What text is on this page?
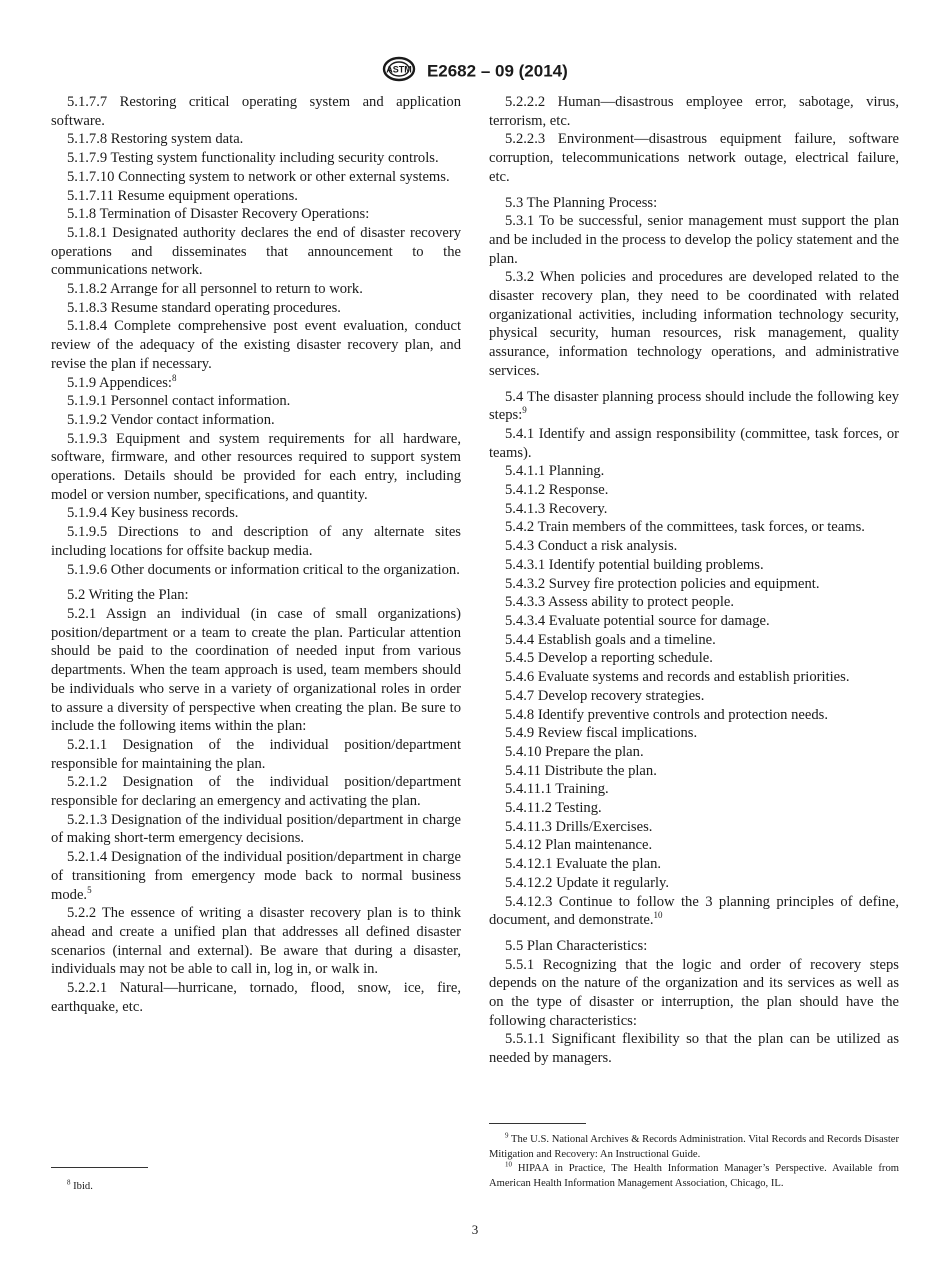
ASTM E2682 – 09 (2014)

5.1.7.7 Restoring critical operating system and application software.

5.1.7.8 Restoring system data.

5.1.7.9 Testing system functionality including security controls.

5.1.7.10 Connecting system to network or other external systems.

5.1.7.11 Resume equipment operations.

5.1.8 Termination of Disaster Recovery Operations:

5.1.8.1 Designated authority declares the end of disaster recovery operations and disseminates that announcement to the communications network.

5.1.8.2 Arrange for all personnel to return to work.

5.1.8.3 Resume standard operating procedures.

5.1.8.4 Complete comprehensive post event evaluation, conduct review of the adequacy of the existing disaster recovery plan, and revise the plan if necessary.

5.1.9 Appendices:$^8$

5.1.9.1 Personnel contact information.

5.1.9.2 Vendor contact information.

5.1.9.3 Equipment and system requirements for all hardware, software, firmware, and other resources required to support system operations. Details should be provided for each entry, including model or version number, specifications, and quantity.

5.1.9.4 Key business records.

5.1.9.5 Directions to and description of any alternate sites including locations for offsite backup media.

5.1.9.6 Other documents or information critical to the organization.

5.2 Writing the Plan:

5.2.1 Assign an individual (in case of small organizations) position/department or a team to create the plan. Particular attention should be paid to the coordination of needed input from various departments. When the team approach is used, team members should be individuals who serve in a variety of organizational roles in order to assure a diversity of perspective when creating the plan. Be sure to include the following items within the plan:

5.2.1.1 Designation of the individual position/department responsible for maintaining the plan.

5.2.1.2 Designation of the individual position/department responsible for declaring an emergency and activating the plan.

5.2.1.3 Designation of the individual position/department in charge of making short-term emergency decisions.

5.2.1.4 Designation of the individual position/department in charge of transitioning from emergency mode back to normal business mode.$^5$

5.2.2 The essence of writing a disaster recovery plan is to think ahead and create a unified plan that addresses all defined disaster scenarios (internal and external). Be aware that during a disaster, individuals may not be able to call in, log in, or walk in.

5.2.2.1 Natural—hurricane, tornado, flood, snow, ice, fire, earthquake, etc.

5.2.2.2 Human—disastrous employee error, sabotage, virus, terrorism, etc.

5.2.2.3 Environment—disastrous equipment failure, software corruption, telecommunications network outage, electrical failure, etc.

5.3 The Planning Process:

5.3.1 To be successful, senior management must support the plan and be included in the process to develop the policy statement and the plan.

5.3.2 When policies and procedures are developed related to the disaster recovery plan, they need to be coordinated with related organizational activities, including information technology security, physical security, human resources, risk management, quality assurance, information technology operations, and administrative services.

5.4 The disaster planning process should include the following key steps:$^9$

5.4.1 Identify and assign responsibility (committee, task forces, or teams).

5.4.1.1 Planning.

5.4.1.2 Response.

5.4.1.3 Recovery.

5.4.2 Train members of the committees, task forces, or teams.

5.4.3 Conduct a risk analysis.

5.4.3.1 Identify potential building problems.

5.4.3.2 Survey fire protection policies and equipment.

5.4.3.3 Assess ability to protect people.

5.4.3.4 Evaluate potential source for damage.

5.4.4 Establish goals and a timeline.

5.4.5 Develop a reporting schedule.

5.4.6 Evaluate systems and records and establish priorities.

5.4.7 Develop recovery strategies.

5.4.8 Identify preventive controls and protection needs.

5.4.9 Review fiscal implications.

5.4.10 Prepare the plan.

5.4.11 Distribute the plan.

5.4.11.1 Training.

5.4.11.2 Testing.

5.4.11.3 Drills/Exercises.

5.4.12 Plan maintenance.

5.4.12.1 Evaluate the plan.

5.4.12.2 Update it regularly.

5.4.12.3 Continue to follow the 3 planning principles of define, document, and demonstrate.$^{10}$

5.5 Plan Characteristics:

5.5.1 Recognizing that the logic and order of recovery steps depends on the nature of the organization and its services as well as on the type of disaster or interruption, the plan should have the following characteristics:

5.5.1.1 Significant flexibility so that the plan can be utilized as needed by managers.

$^8$ Ibid.

$^9$ The U.S. National Archives & Records Administration. Vital Records and Records Disaster Mitigation and Recovery: An Instructional Guide.

$^{10}$ HIPAA in Practice, The Health Information Manager’s Perspective. Available from American Health Information Management Association, Chicago, IL.

3
